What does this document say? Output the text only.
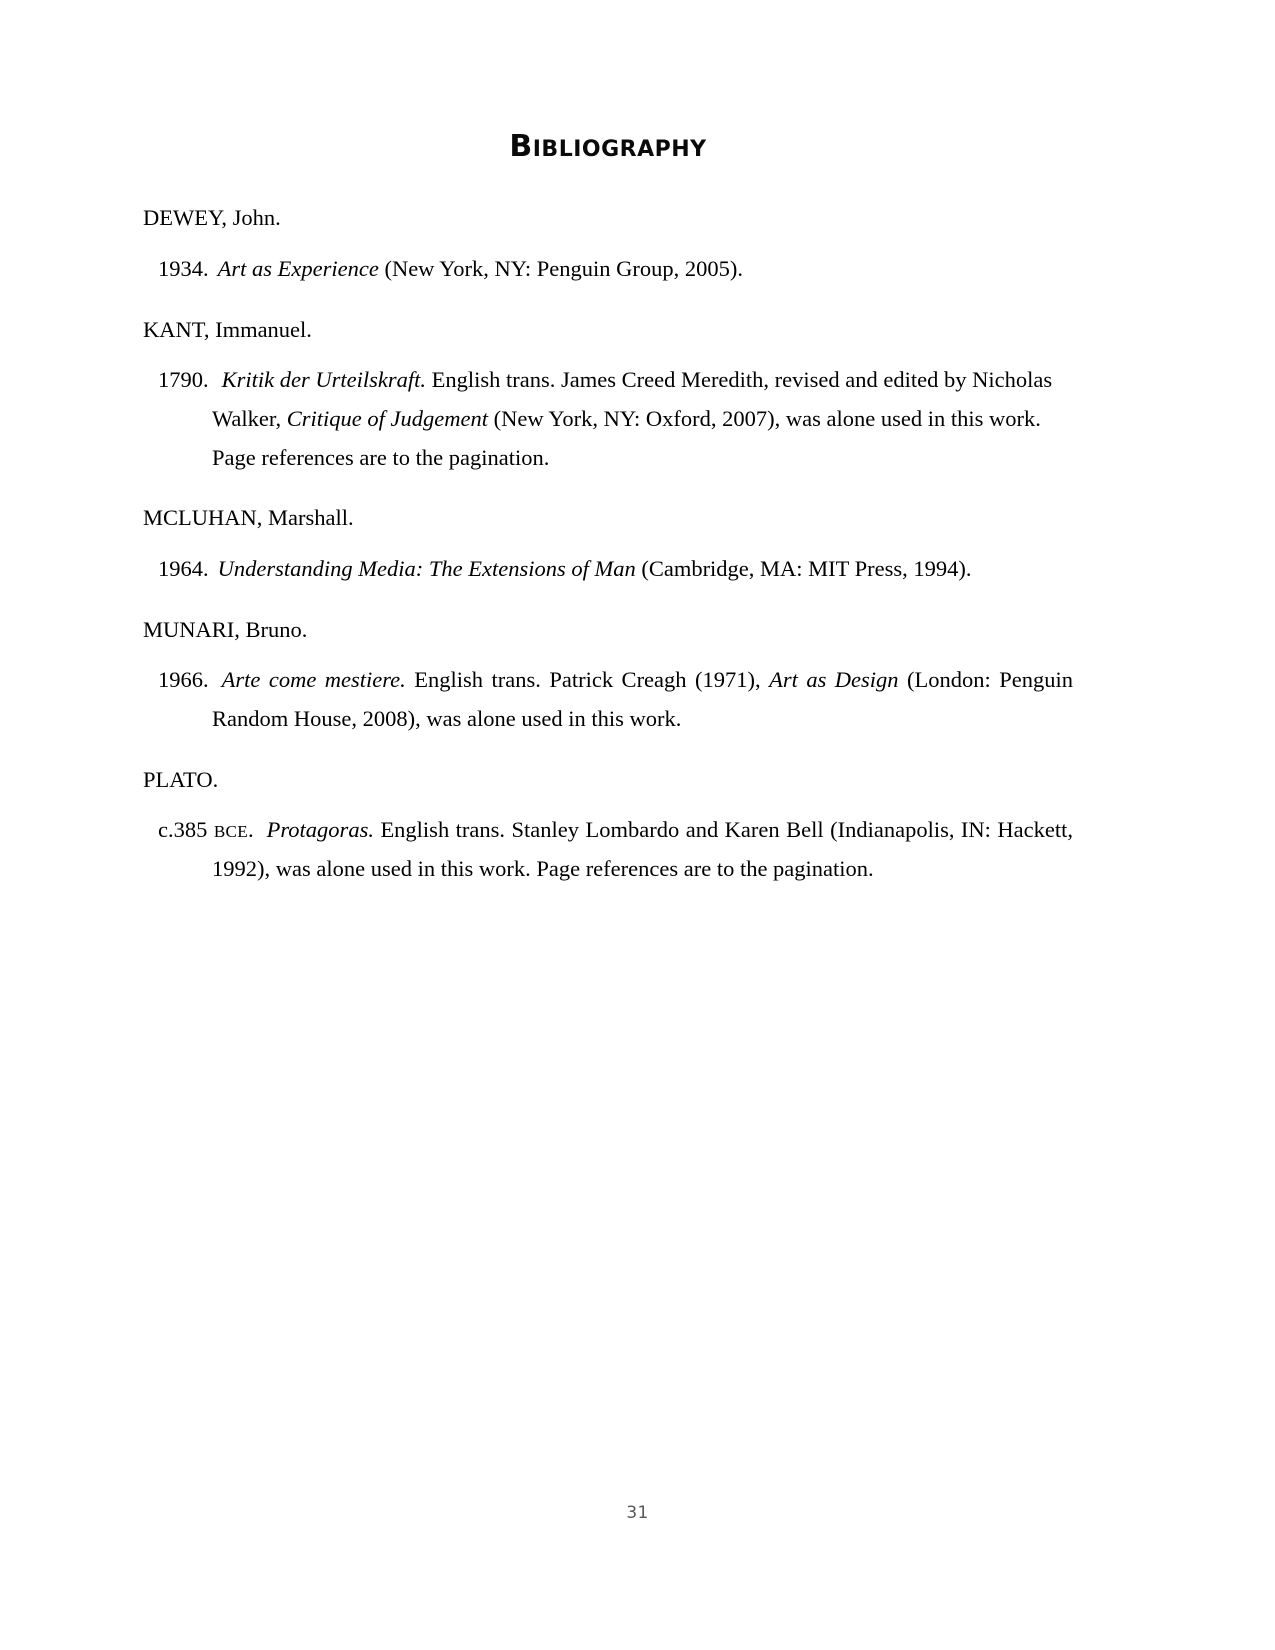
BIBLIOGRAPHY

DEWEY, John.

1934. Art as Experience (New York, NY: Penguin Group, 2005).

KANT, Immanuel.

1790. Kritik der Urteilskraft. English trans. James Creed Meredith, revised and edited by Nicholas Walker, Critique of Judgement (New York, NY: Oxford, 2007), was alone used in this work. Page references are to the pagination.

MCLUHAN, Marshall.

1964. Understanding Media: The Extensions of Man (Cambridge, MA: MIT Press, 1994).

MUNARI, Bruno.

1966. Arte come mestiere. English trans. Patrick Creagh (1971), Art as Design (London: Penguin Random House, 2008), was alone used in this work.

PLATO.

c.385 BCE. Protagoras. English trans. Stanley Lombardo and Karen Bell (Indianapolis, IN: Hackett, 1992), was alone used in this work. Page references are to the pagination.

31
